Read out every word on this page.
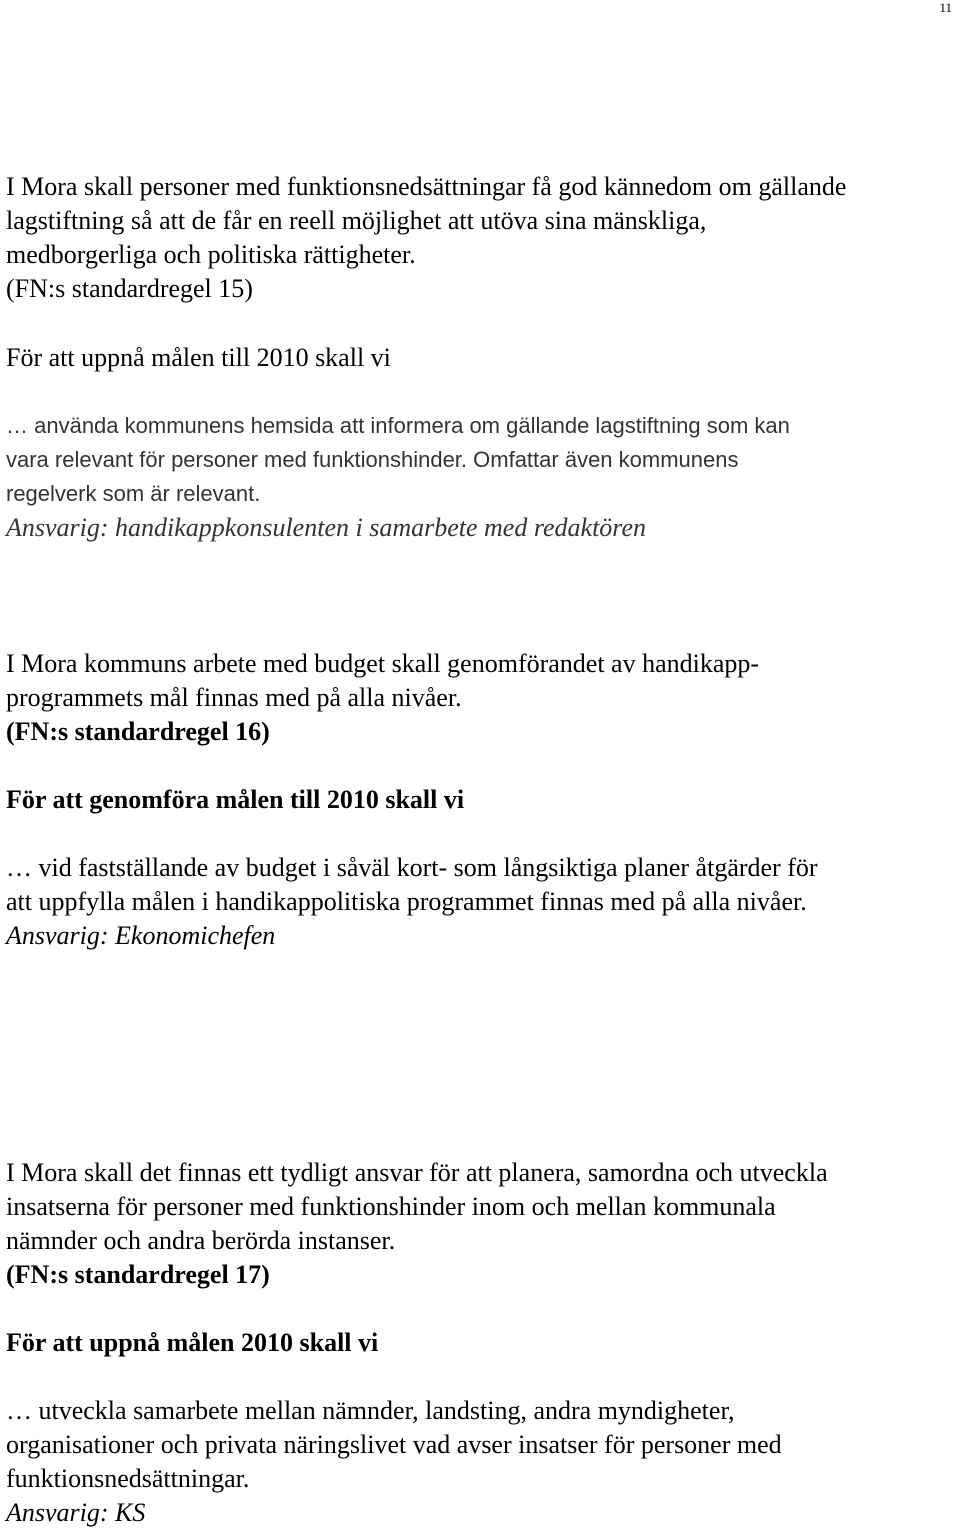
11
I Mora skall personer med funktionsnedsättningar få god kännedom om gällande
lagstiftning så att de får en reell möjlighet att utöva sina mänskliga,
medborgerliga och politiska rättigheter.
(FN:s standardregel 15)
För att uppnå målen till 2010 skall vi
… använda kommunens hemsida att informera om gällande lagstiftning som kan
vara relevant för personer med funktionshinder. Omfattar även kommunens
regelverk som är relevant.
Ansvarig: handikappkonsulenten i samarbete med redaktören
I Mora kommuns arbete med budget skall genomförandet av handikapp-
programmets mål finnas med på alla nivåer.
(FN:s standardregel 16)
För att genomföra målen till 2010 skall vi
… vid fastställande av budget i såväl kort- som långsiktiga planer åtgärder för
att uppfylla målen i handikappolitiska programmet finnas med på alla nivåer.
Ansvarig: Ekonomichefen
I Mora skall det finnas ett tydligt ansvar för att planera, samordna och utveckla
insatserna för personer med funktionshinder inom och mellan kommunala
nämnder och andra berörda instanser.
(FN:s standardregel 17)
För att uppnå målen 2010 skall vi
… utveckla samarbete mellan nämnder, landsting, andra myndigheter,
organisationer och privata näringslivet vad avser insatser för personer med
funktionsnedsättningar.
Ansvarig: KS
